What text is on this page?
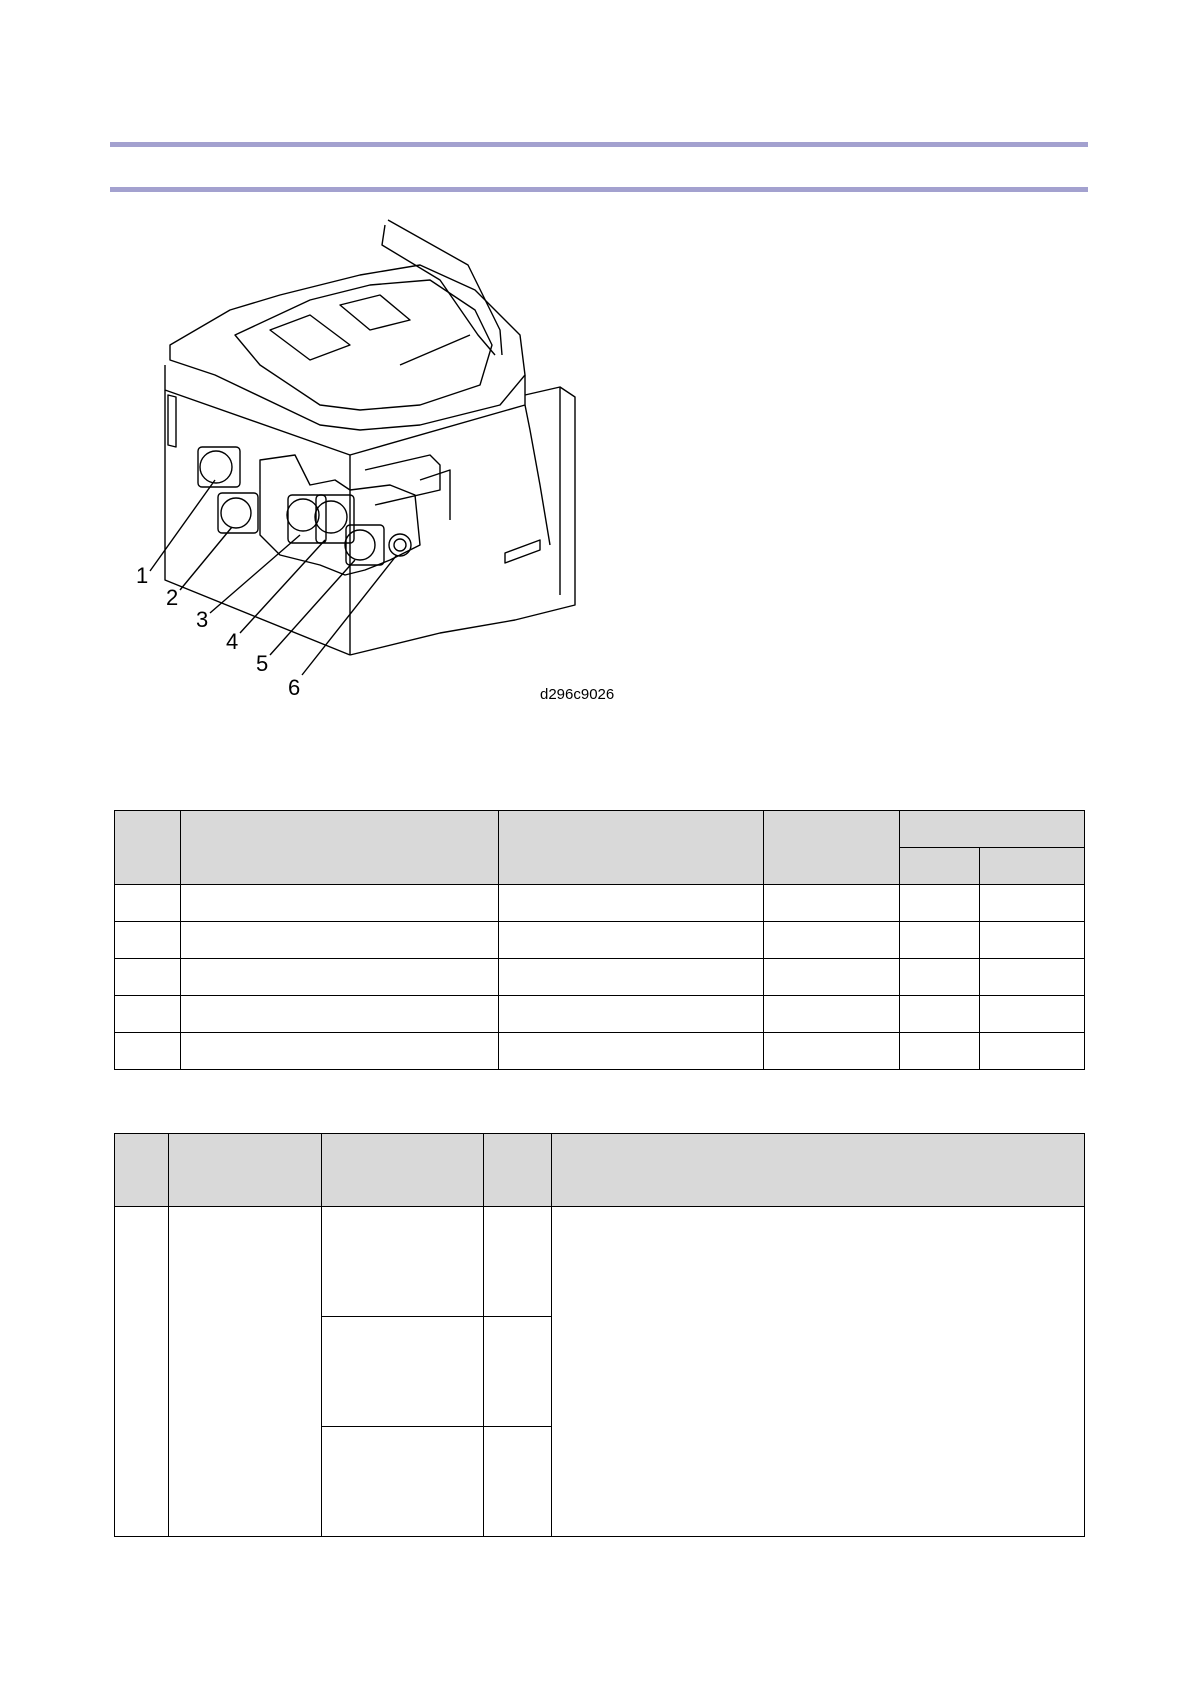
1
2
3
4
5
6	d296c9026
